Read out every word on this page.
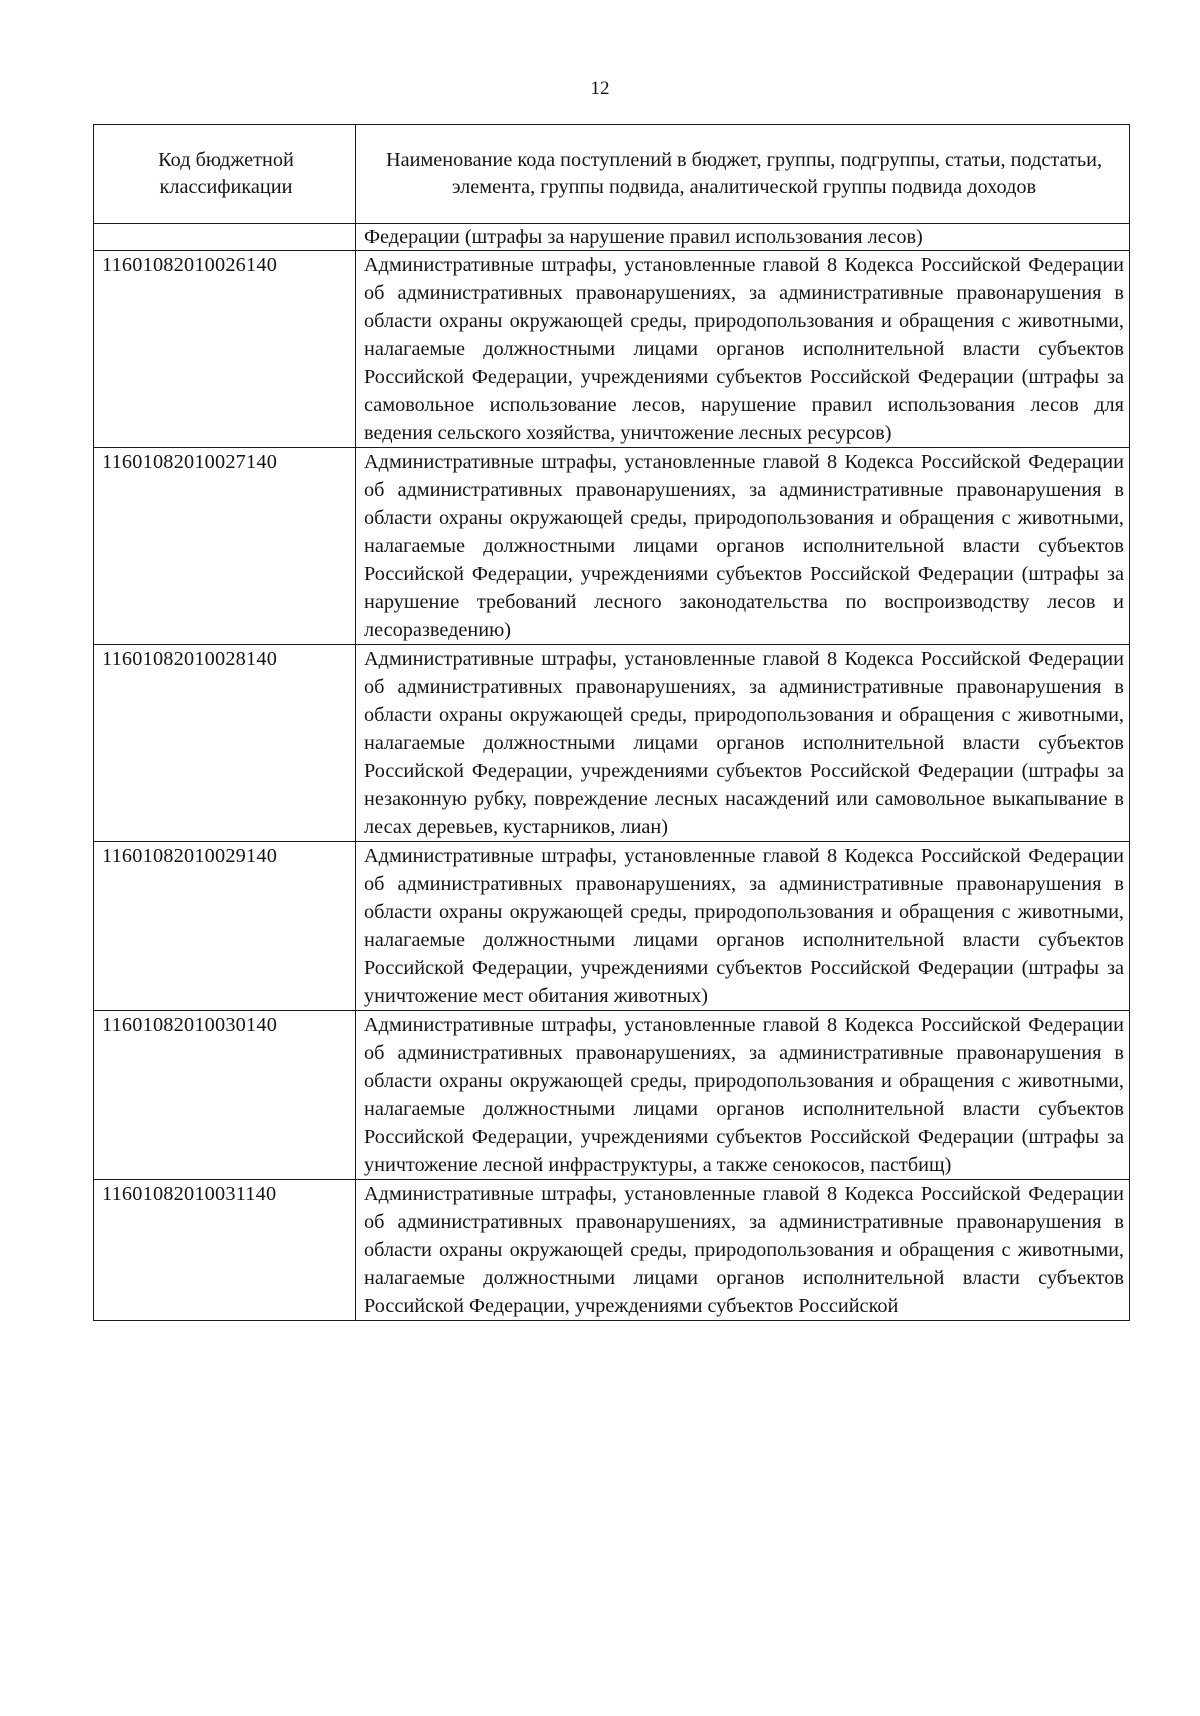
12
Код бюджетной классификации	Наименование кода поступлений в бюджет, группы, подгруппы, статьи, подстатьи, элемента, группы подвида, аналитической группы подвида доходов
	Федерации (штрафы за нарушение правил использования лесов)
11601082010026140	Административные штрафы, установленные главой 8 Кодекса Российской Федерации об административных правонарушениях, за административные правонарушения в области охраны окружающей среды, природопользования и обращения с животными, налагаемые должностными лицами органов исполнительной власти субъектов Российской Федерации, учреждениями субъектов Российской Федерации (штрафы за самовольное использование лесов, нарушение правил использования лесов для ведения сельского хозяйства, уничтожение лесных ресурсов)
11601082010027140	Административные штрафы, установленные главой 8 Кодекса Российской Федерации об административных правонарушениях, за административные правонарушения в области охраны окружающей среды, природопользования и обращения с животными, налагаемые должностными лицами органов исполнительной власти субъектов Российской Федерации, учреждениями субъектов Российской Федерации (штрафы за нарушение требований лесного законодательства по воспроизводству лесов и лесоразведению)
11601082010028140	Административные штрафы, установленные главой 8 Кодекса Российской Федерации об административных правонарушениях, за административные правонарушения в области охраны окружающей среды, природопользования и обращения с животными, налагаемые должностными лицами органов исполнительной власти субъектов Российской Федерации, учреждениями субъектов Российской Федерации (штрафы за незаконную рубку, повреждение лесных насаждений или самовольное выкапывание в лесах деревьев, кустарников, лиан)
11601082010029140	Административные штрафы, установленные главой 8 Кодекса Российской Федерации об административных правонарушениях, за административные правонарушения в области охраны окружающей среды, природопользования и обращения с животными, налагаемые должностными лицами органов исполнительной власти субъектов Российской Федерации, учреждениями субъектов Российской Федерации (штрафы за уничтожение мест обитания животных)
11601082010030140	Административные штрафы, установленные главой 8 Кодекса Российской Федерации об административных правонарушениях, за административные правонарушения в области охраны окружающей среды, природопользования и обращения с животными, налагаемые должностными лицами органов исполнительной власти субъектов Российской Федерации, учреждениями субъектов Российской Федерации (штрафы за уничтожение лесной инфраструктуры, а также сенокосов, пастбищ)
11601082010031140	Административные штрафы, установленные главой 8 Кодекса Российской Федерации об административных правонарушениях, за административные правонарушения в области охраны окружающей среды, природопользования и обращения с животными, налагаемые должностными лицами органов исполнительной власти субъектов Российской Федерации, учреждениями субъектов Российской
